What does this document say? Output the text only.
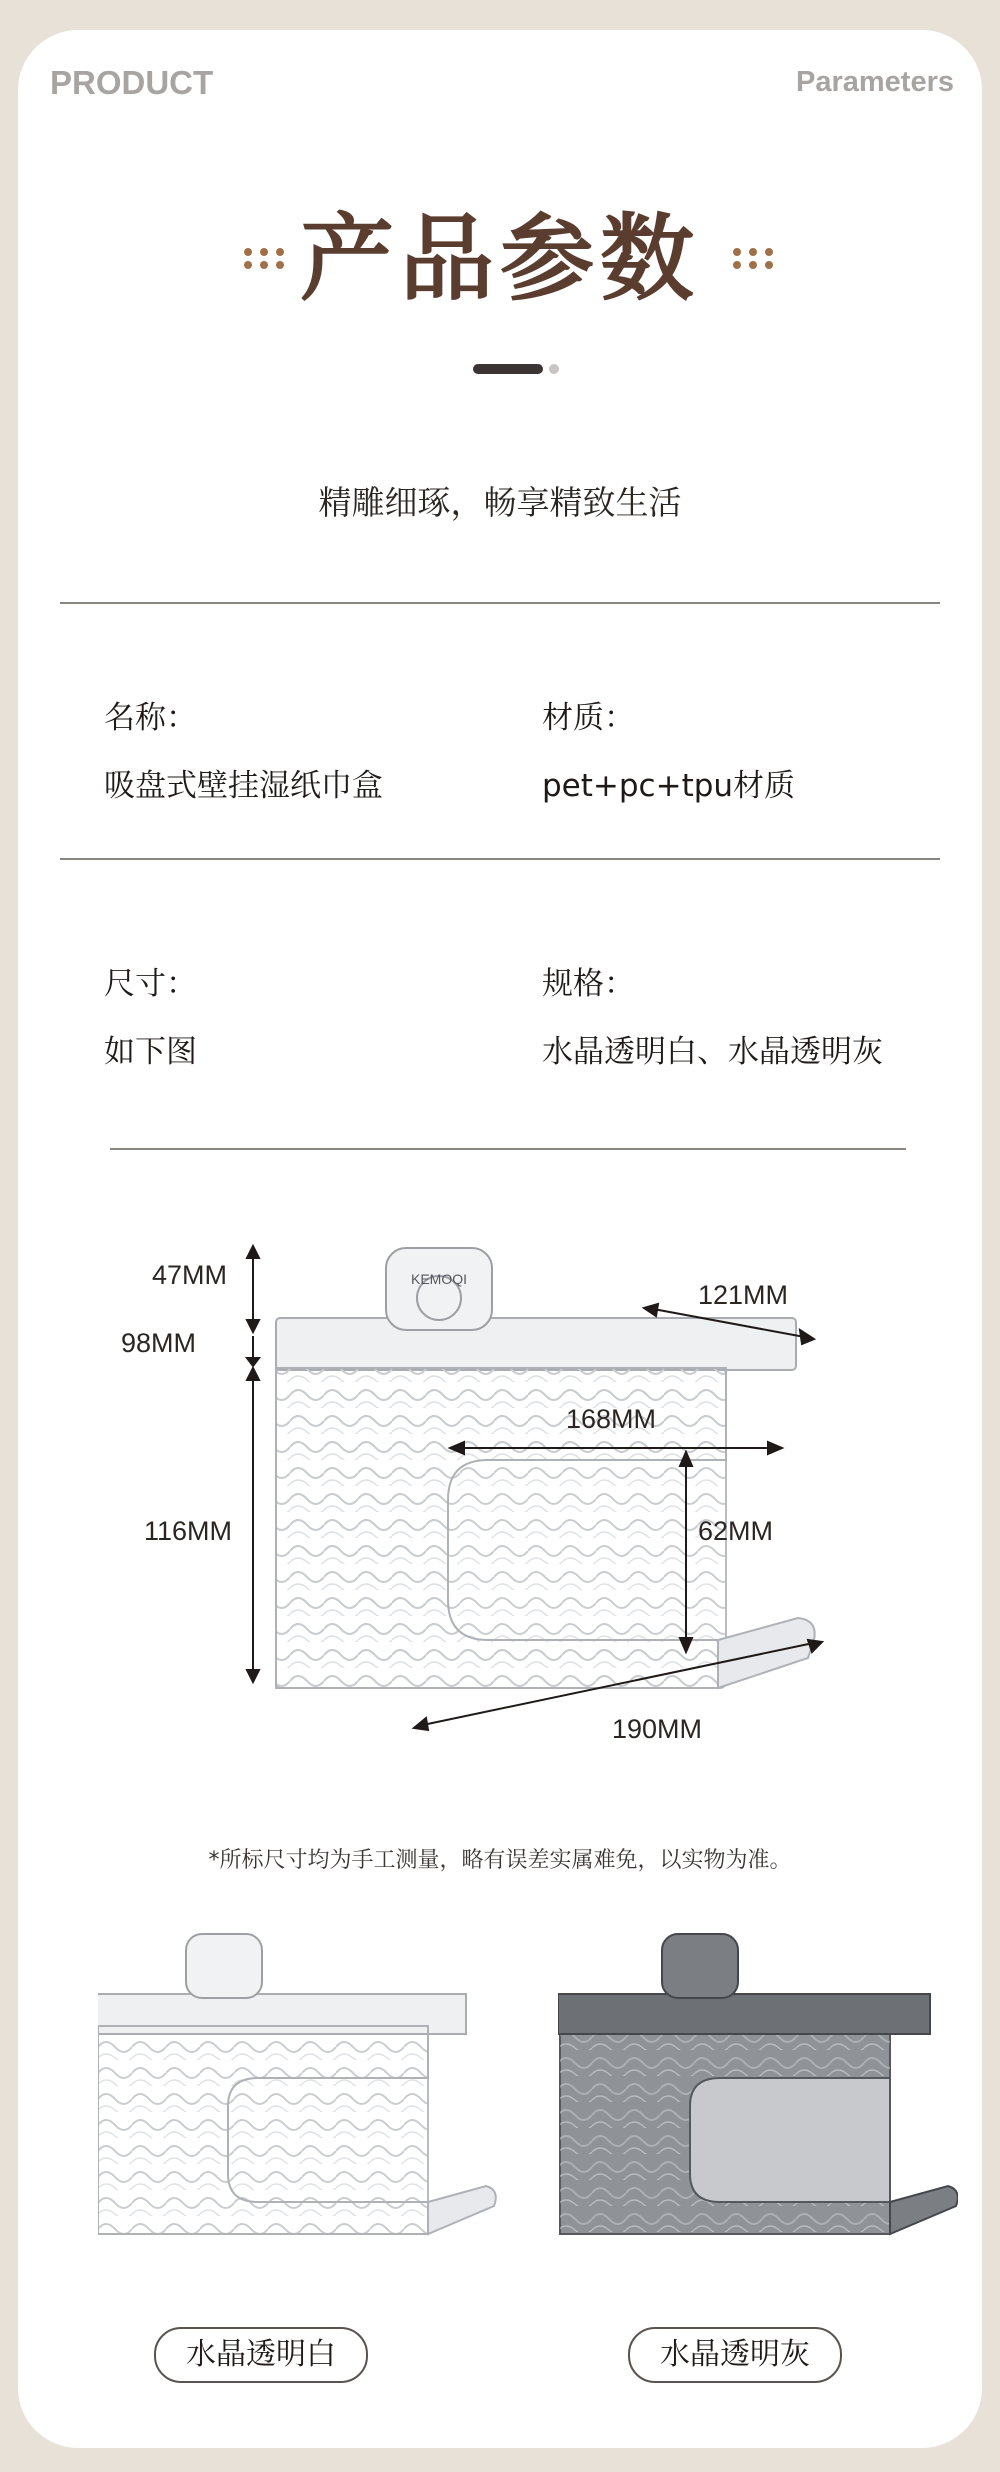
PRODUCT	Parameters
产品参数
精雕细琢，畅享精致生活
名称：
吸盘式壁挂湿纸巾盒
材质：
pet+pc+tpu材质
尺寸：
如下图
规格：
水晶透明白、水晶透明灰
KEMOQI
47MM
98MM
116MM
121MM
168MM
62MM
190MM
*所标尺寸均为手工测量，略有误差实属难免，以实物为准。
水晶透明白	水晶透明灰
